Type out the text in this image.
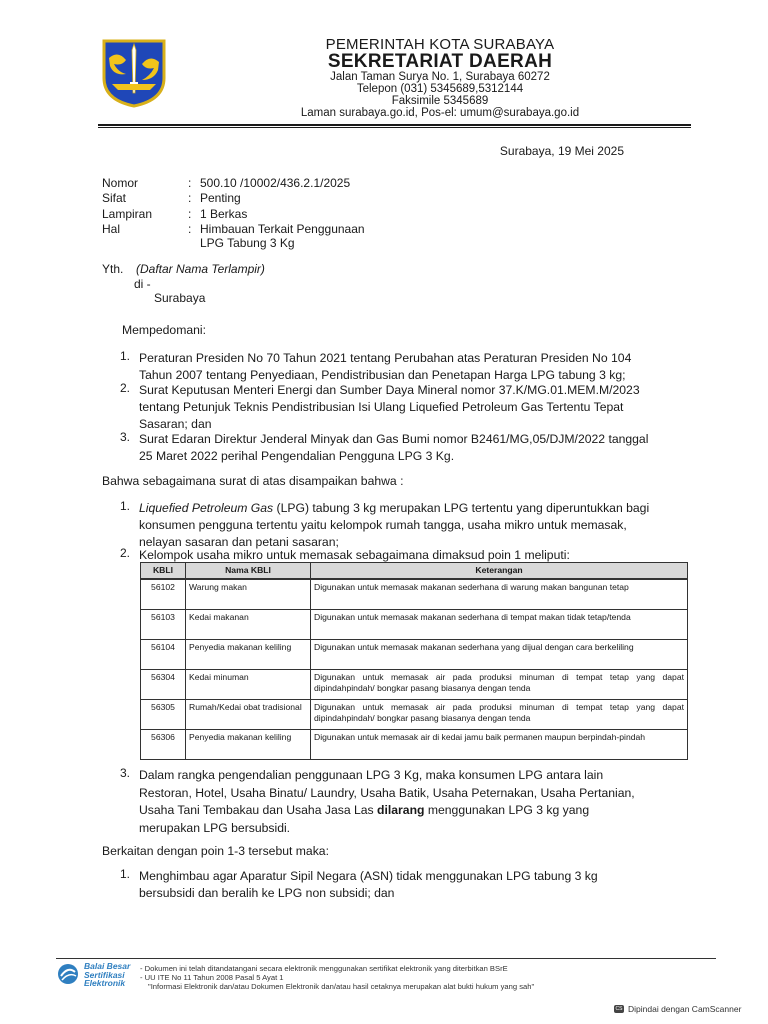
PEMERINTAH KOTA SURABAYA
SEKRETARIAT DAERAH
Jalan Taman Surya No. 1, Surabaya 60272
Telepon (031) 5345689,5312144
Faksimile 5345689
Laman surabaya.go.id, Pos-el: umum@surabaya.go.id
Surabaya, 19 Mei 2025
Nomor	: 500.10 /10002/436.2.1/2025
Sifat	: Penting
Lampiran	: 1 Berkas
Hal	: Himbauan Terkait Penggunaan
LPG Tabung 3 Kg
Yth. (Daftar Nama Terlampir)
di -
Surabaya
Mempedomani:
1. Peraturan Presiden No 70 Tahun 2021 tentang Perubahan atas Peraturan Presiden No 104
Tahun 2007 tentang Penyediaan, Pendistribusian dan Penetapan Harga LPG tabung 3 kg;
2. Surat Keputusan Menteri Energi dan Sumber Daya Mineral nomor 37.K/MG.01.MEM.M/2023
tentang Petunjuk Teknis Pendistribusian Isi Ulang Liquefied Petroleum Gas Tertentu Tepat
Sasaran; dan
3. Surat Edaran Direktur Jenderal Minyak dan Gas Bumi nomor B2461/MG,05/DJM/2022 tanggal
25 Maret 2022 perihal Pengendalian Pengguna LPG 3 Kg.
Bahwa sebagaimana surat di atas disampaikan bahwa :
1. Liquefied Petroleum Gas (LPG) tabung 3 kg merupakan LPG tertentu yang diperuntukkan bagi
konsumen pengguna tertentu yaitu kelompok rumah tangga, usaha mikro untuk memasak,
nelayan sasaran dan petani sasaran;
2. Kelompok usaha mikro untuk memasak sebagaimana dimaksud poin 1 meliputi:
KBLI	Nama KBLI	Keterangan
56102	Warung makan	Digunakan untuk memasak makanan sederhana di warung makan bangunan tetap
56103	Kedai makanan	Digunakan untuk memasak makanan sederhana di tempat makan tidak tetap/tenda
56104	Penyedia makanan keliling	Digunakan untuk memasak makanan sederhana yang dijual dengan cara berkeliling
56304	Kedai minuman	Digunakan untuk memasak air pada produksi minuman di tempat tetap yang dapat dipindahpindah/ bongkar pasang biasanya dengan tenda
56305	Rumah/Kedai obat tradisional	Digunakan untuk memasak air pada produksi minuman di tempat tetap yang dapat dipindahpindah/ bongkar pasang biasanya dengan tenda
56306	Penyedia makanan keliling	Digunakan untuk memasak air di kedai jamu baik permanen maupun berpindah-pindah
3. Dalam rangka pengendalian penggunaan LPG 3 Kg, maka konsumen LPG antara lain
Restoran, Hotel, Usaha Binatu/ Laundry, Usaha Batik, Usaha Peternakan, Usaha Pertanian,
Usaha Tani Tembakau dan Usaha Jasa Las dilarang menggunakan LPG 3 kg yang
merupakan LPG bersubsidi.
Berkaitan dengan poin 1-3 tersebut maka:
1. Menghimbau agar Aparatur Sipil Negara (ASN) tidak menggunakan LPG tabung 3 kg
bersubsidi dan beralih ke LPG non subsidi; dan
Balai Besar
Sertifikasi
Elektronik
- Dokumen ini telah ditandatangani secara elektronik menggunakan sertifikat elektronik yang diterbitkan BSrE
- UU ITE No 11 Tahun 2008 Pasal 5 Ayat 1
"Informasi Elektronik dan/atau Dokumen Elektronik dan/atau hasil cetaknya merupakan alat bukti hukum yang sah"
CS Dipindai dengan CamScanner
